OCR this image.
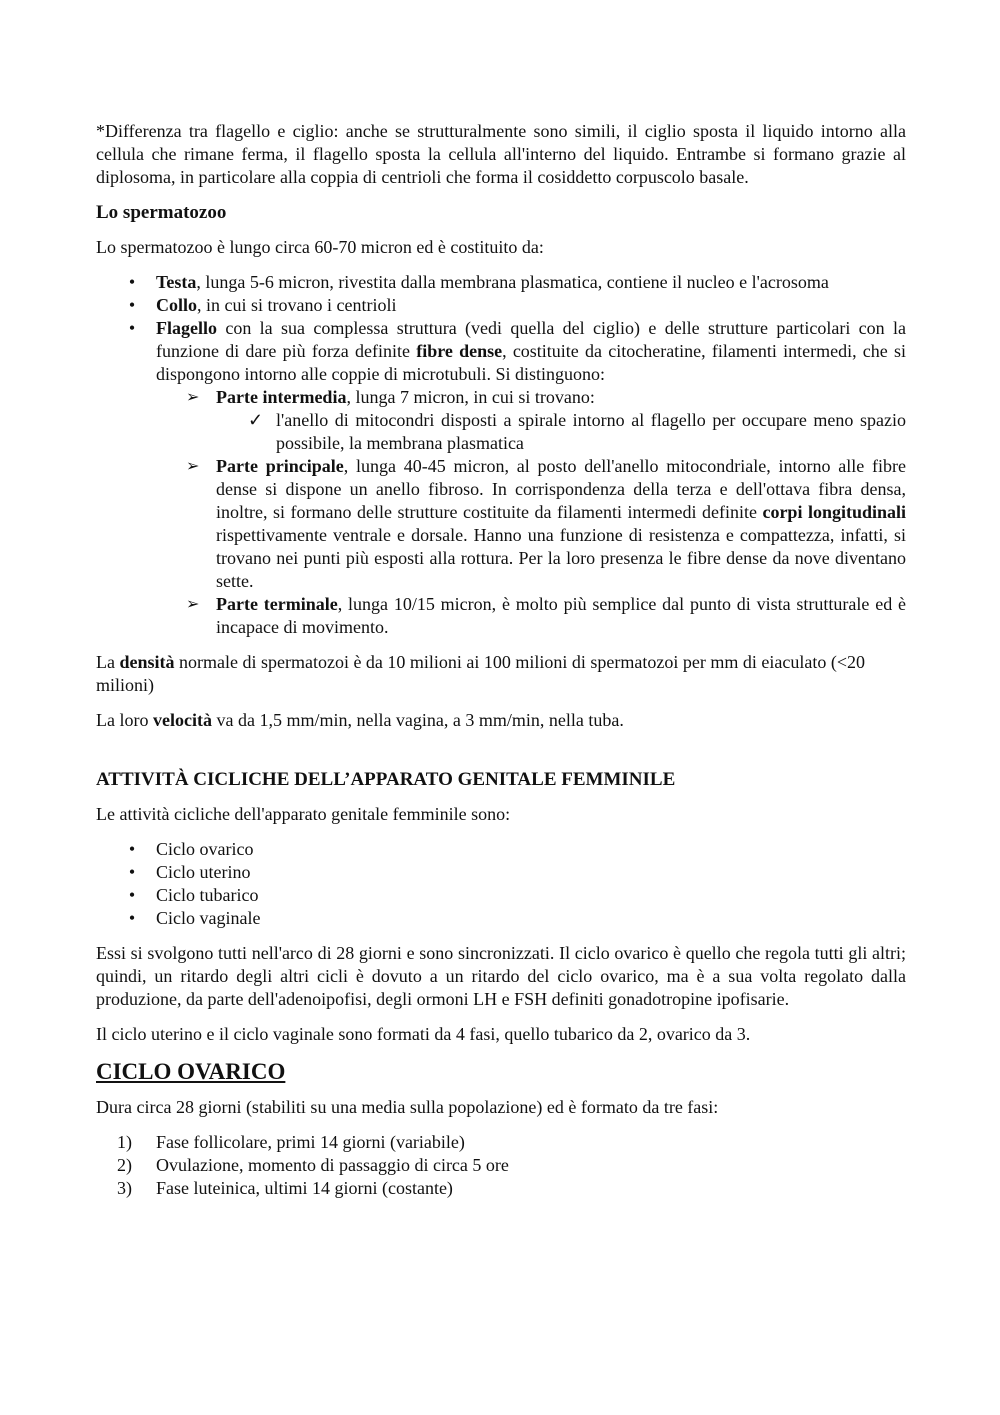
*Differenza tra flagello e ciglio: anche se strutturalmente sono simili, il ciglio sposta il liquido intorno alla cellula che rimane ferma, il flagello sposta la cellula all'interno del liquido. Entrambe si formano grazie al diplosoma, in particolare alla coppia di centrioli che forma il cosiddetto corpuscolo basale.

Lo spermatozoo

Lo spermatozoo è lungo circa 60-70 micron ed è costituito da:

• Testa, lunga 5-6 micron, rivestita dalla membrana plasmatica, contiene il nucleo e l'acrosoma
• Collo, in cui si trovano i centrioli
• Flagello con la sua complessa struttura (vedi quella del ciglio) e delle strutture particolari con la funzione di dare più forza definite fibre dense, costituite da citocheratine, filamenti intermedi, che si dispongono intorno alle coppie di microtubuli. Si distinguono:
➢ Parte intermedia, lunga 7 micron, in cui si trovano:
✓ l'anello di mitocondri disposti a spirale intorno al flagello per occupare meno spazio possibile, la membrana plasmatica
➢ Parte principale, lunga 40-45 micron, al posto dell'anello mitocondriale, intorno alle fibre dense si dispone un anello fibroso. In corrispondenza della terza e dell'ottava fibra densa, inoltre, si formano delle strutture costituite da filamenti intermedi definite corpi longitudinali rispettivamente ventrale e dorsale. Hanno una funzione di resistenza e compattezza, infatti, si trovano nei punti più esposti alla rottura. Per la loro presenza le fibre dense da nove diventano sette.
➢ Parte terminale, lunga 10/15 micron, è molto più semplice dal punto di vista strutturale ed è incapace di movimento.

La densità normale di spermatozoi è da 10 milioni ai 100 milioni di spermatozoi per mm di eiaculato (<20 milioni)

La loro velocità va da 1,5 mm/min, nella vagina, a 3 mm/min, nella tuba.

ATTIVITÀ CICLICHE DELL’APPARATO GENITALE FEMMINILE

Le attività cicliche dell'apparato genitale femminile sono:

• Ciclo ovarico
• Ciclo uterino
• Ciclo tubarico
• Ciclo vaginale

Essi si svolgono tutti nell'arco di 28 giorni e sono sincronizzati. Il ciclo ovarico è quello che regola tutti gli altri; quindi, un ritardo degli altri cicli è dovuto a un ritardo del ciclo ovarico, ma è a sua volta regolato dalla produzione, da parte dell'adenoipofisi, degli ormoni LH e FSH definiti gonadotropine ipofisarie.

Il ciclo uterino e il ciclo vaginale sono formati da 4 fasi, quello tubarico da 2, ovarico da 3.

CICLO OVARICO

Dura circa 28 giorni (stabiliti su una media sulla popolazione) ed è formato da tre fasi:

1) Fase follicolare, primi 14 giorni (variabile)
2) Ovulazione, momento di passaggio di circa 5 ore
3) Fase luteinica, ultimi 14 giorni (costante)
